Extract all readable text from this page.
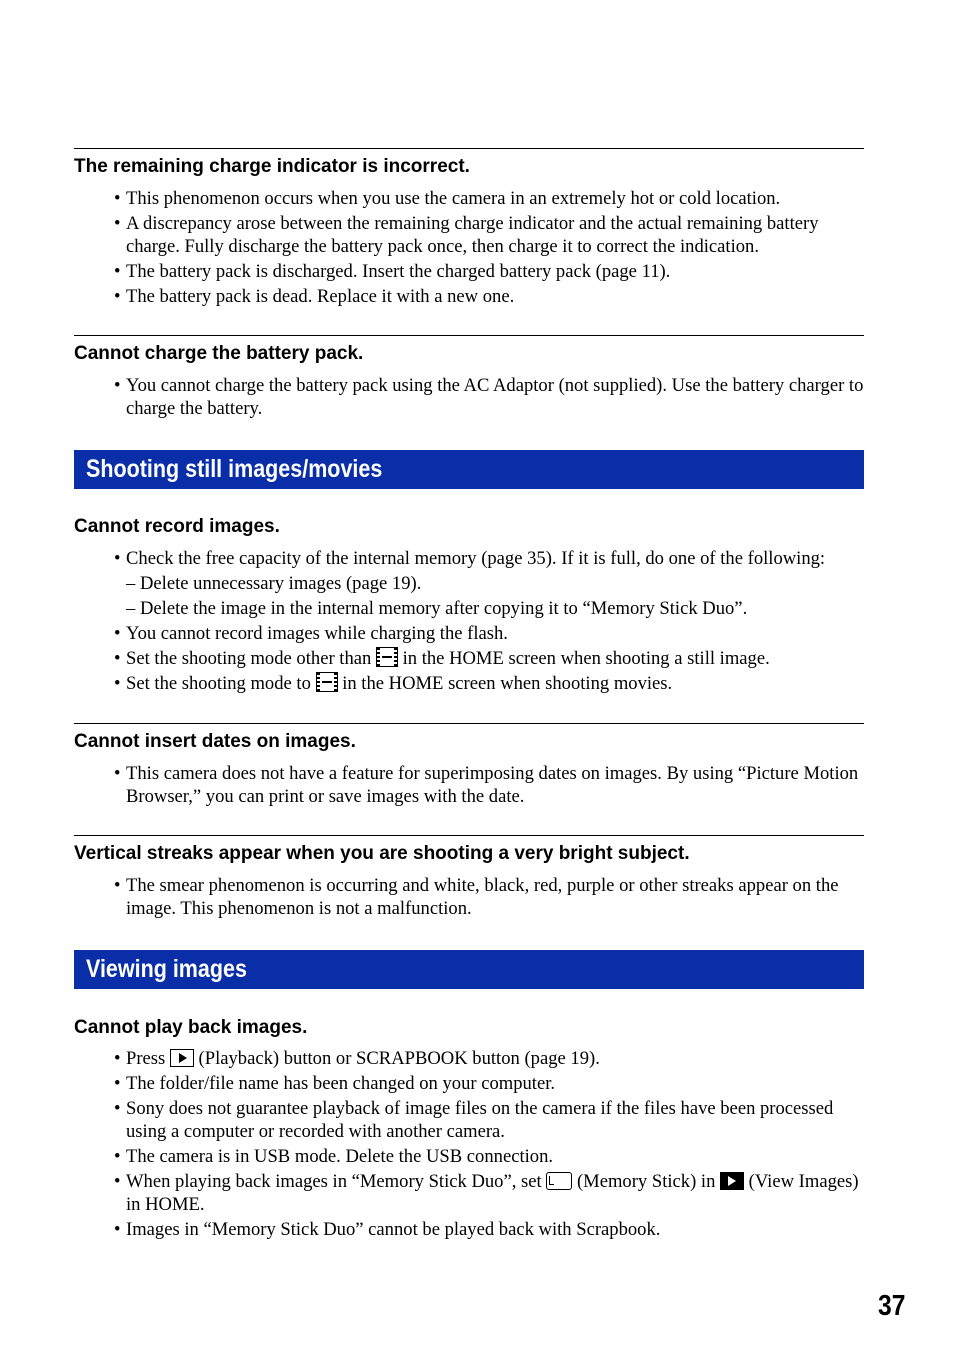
The remaining charge indicator is incorrect.
• This phenomenon occurs when you use the camera in an extremely hot or cold location.
• A discrepancy arose between the remaining charge indicator and the actual remaining battery charge. Fully discharge the battery pack once, then charge it to correct the indication.
• The battery pack is discharged. Insert the charged battery pack (page 11).
• The battery pack is dead. Replace it with a new one.
Cannot charge the battery pack.
• You cannot charge the battery pack using the AC Adaptor (not supplied). Use the battery charger to charge the battery.
Shooting still images/movies
Cannot record images.
• Check the free capacity of the internal memory (page 35). If it is full, do one of the following:
– Delete unnecessary images (page 19).
– Delete the image in the internal memory after copying it to “Memory Stick Duo”.
• You cannot record images while charging the flash.
• Set the shooting mode other than  in the HOME screen when shooting a still image.
• Set the shooting mode to  in the HOME screen when shooting movies.
Cannot insert dates on images.
• This camera does not have a feature for superimposing dates on images. By using “Picture Motion Browser,” you can print or save images with the date.
Vertical streaks appear when you are shooting a very bright subject.
• The smear phenomenon is occurring and white, black, red, purple or other streaks appear on the image. This phenomenon is not a malfunction.
Viewing images
Cannot play back images.
• Press  (Playback) button or SCRAPBOOK button (page 19).
• The folder/file name has been changed on your computer.
• Sony does not guarantee playback of image files on the camera if the files have been processed using a computer or recorded with another camera.
• The camera is in USB mode. Delete the USB connection.
• When playing back images in “Memory Stick Duo”, set  (Memory Stick) in  (View Images) in HOME.
• Images in “Memory Stick Duo” cannot be played back with Scrapbook.
37
